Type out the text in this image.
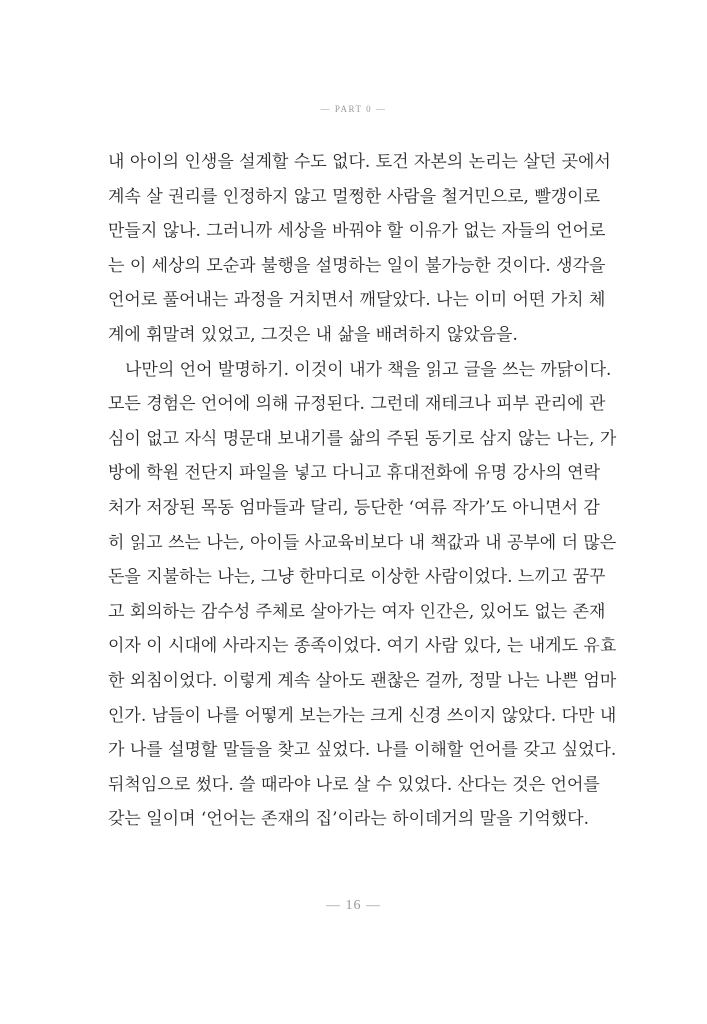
— PART 0 —
내 아이의 인생을 설계할 수도 없다. 토건 자본의 논리는 살던 곳에서
계속 살 권리를 인정하지 않고 멀쩡한 사람을 철거민으로, 빨갱이로
만들지 않나. 그러니까 세상을 바꿔야 할 이유가 없는 자들의 언어로
는 이 세상의 모순과 불행을 설명하는 일이 불가능한 것이다. 생각을
언어로 풀어내는 과정을 거치면서 깨달았다. 나는 이미 어떤 가치 체
계에 휘말려 있었고, 그것은 내 삶을 배려하지 않았음을.
나만의 언어 발명하기. 이것이 내가 책을 읽고 글을 쓰는 까닭이다.
모든 경험은 언어에 의해 규정된다. 그런데 재테크나 피부 관리에 관
심이 없고 자식 명문대 보내기를 삶의 주된 동기로 삼지 않는 나는, 가
방에 학원 전단지 파일을 넣고 다니고 휴대전화에 유명 강사의 연락
처가 저장된 목동 엄마들과 달리, 등단한 ‘여류 작가’도 아니면서 감
히 읽고 쓰는 나는, 아이들 사교육비보다 내 책값과 내 공부에 더 많은
돈을 지불하는 나는, 그냥 한마디로 이상한 사람이었다. 느끼고 꿈꾸
고 회의하는 감수성 주체로 살아가는 여자 인간은, 있어도 없는 존재
이자 이 시대에 사라지는 종족이었다. 여기 사람 있다, 는 내게도 유효
한 외침이었다. 이렇게 계속 살아도 괜찮은 걸까, 정말 나는 나쁜 엄마
인가. 남들이 나를 어떻게 보는가는 크게 신경 쓰이지 않았다. 다만 내
가 나를 설명할 말들을 찾고 싶었다. 나를 이해할 언어를 갖고 싶었다.
뒤척임으로 썼다. 쓸 때라야 나로 살 수 있었다. 산다는 것은 언어를
갖는 일이며 ‘언어는 존재의 집’이라는 하이데거의 말을 기억했다.
— 16 —
